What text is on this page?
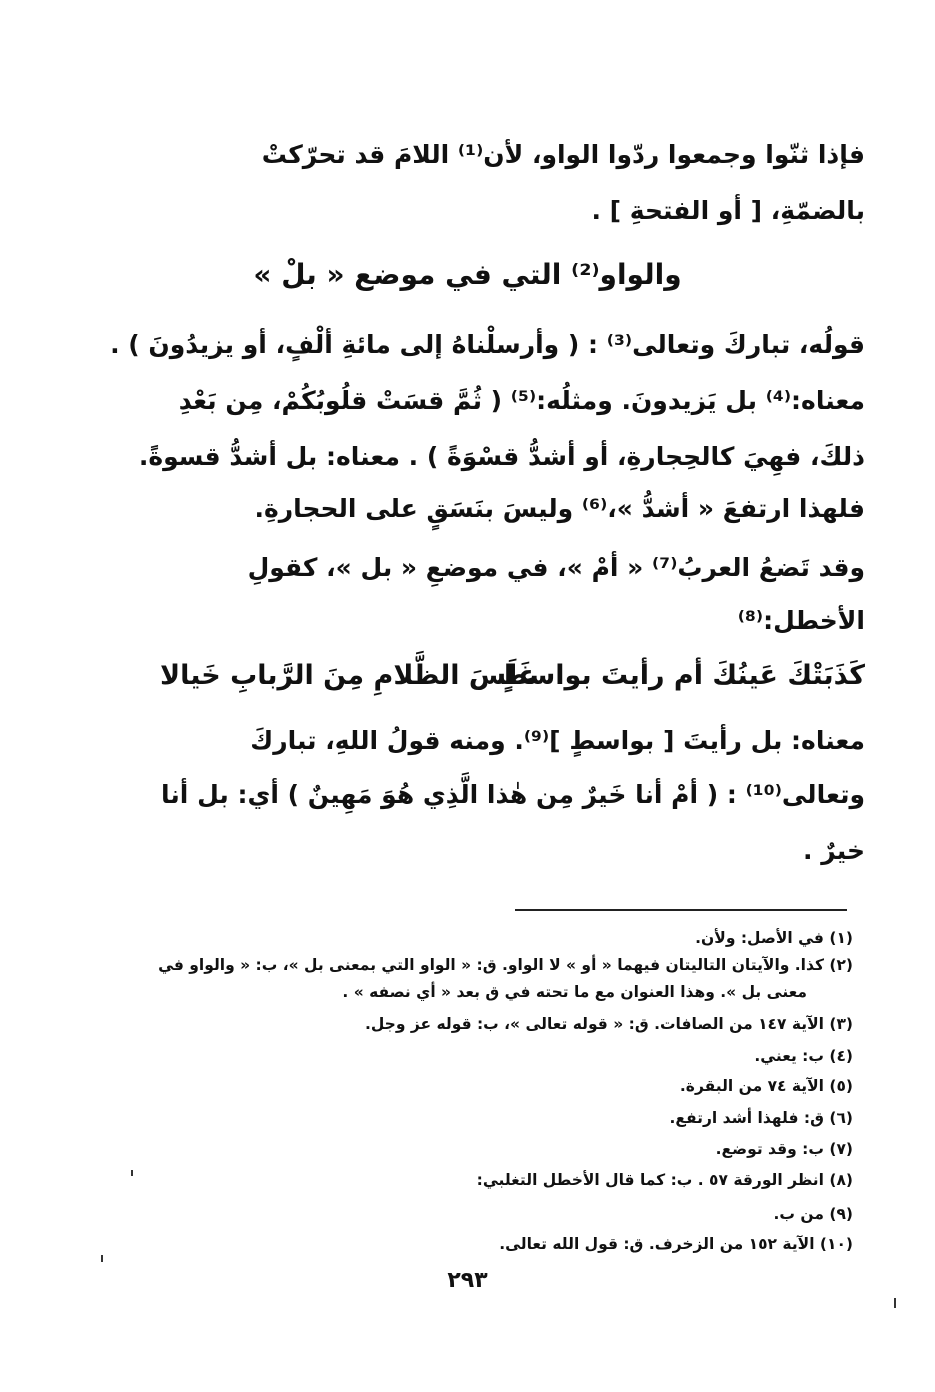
فإذا ثنّوا وجمعوا ردّوا الواو، لأن⁽¹⁾ اللامَ قد تحرّكتْ
بالضمّةِ، [ أو الفتحةِ ] .
والواو⁽²⁾ التي في موضع « بلْ »
قولُه، تباركَ وتعالى⁽³⁾ : ( وأرسلْناهُ إلى مائةِ ألْفٍ، أو يزيدُونَ ) .
معناه:⁽⁴⁾ بل يَزيدونَ. ومثلُه:⁽⁵⁾ ( ثُمَّ قسَتْ قلُوبُكُمْ، مِن بَعْدِ
ذلكَ، فهِيَ كالحِجارةِ، أو أشدُّ قسْوَةً ) . معناه: بل أشدُّ قسوةً.
فلهذا ارتفعَ « أشدُّ »،⁽⁶⁾ وليسَ بنَسَقٍ على الحجارةِ.
وقد تَضعُ العربُ⁽⁷⁾ « أمْ »، في موضعِ « بل »، كقولِ
الأخطل:⁽⁸⁾
كَذَبَتْكَ عَينُكَ أم رأيتَ بواسطٍ
غَلَسَ الظَّلامِ مِنَ الرَّبابِ خَيالا
معناه: بل رأيتَ [ بواسطٍ ]⁽⁹⁾. ومنه قولُ اللهِ، تباركَ
وتعالى⁽¹⁰⁾ : ( أمْ أنا خَيرٌ مِن هٰذا الَّذِي هُوَ مَهِينٌ ) أي: بل أنا
خيرٌ .
(١) في الأصل: ولأن.
(٢) كذا. والآيتان التاليتان فيهما « أو » لا الواو. ق: « الواو التي بمعنى بل »، ب: « والواو في
معنى بل ». وهذا العنوان مع ما تحته في ق بعد « أي نصفه » .
(٣) الآية ١٤٧ من الصافات. ق: « قوله تعالى »، ب: قوله عز وجل.
(٤) ب: يعني.
(٥) الآية ٧٤ من البقرة.
(٦) ق: فلهذا أشد ارتفع.
(٧) ب: وقد توضع.
(٨) انظر الورقة ٥٧ . ب: كما قال الأخطل التغلبي:
(٩) من ب.
(١٠) الآية ١٥٢ من الزخرف. ق: قول الله تعالى.
٢٩٣
